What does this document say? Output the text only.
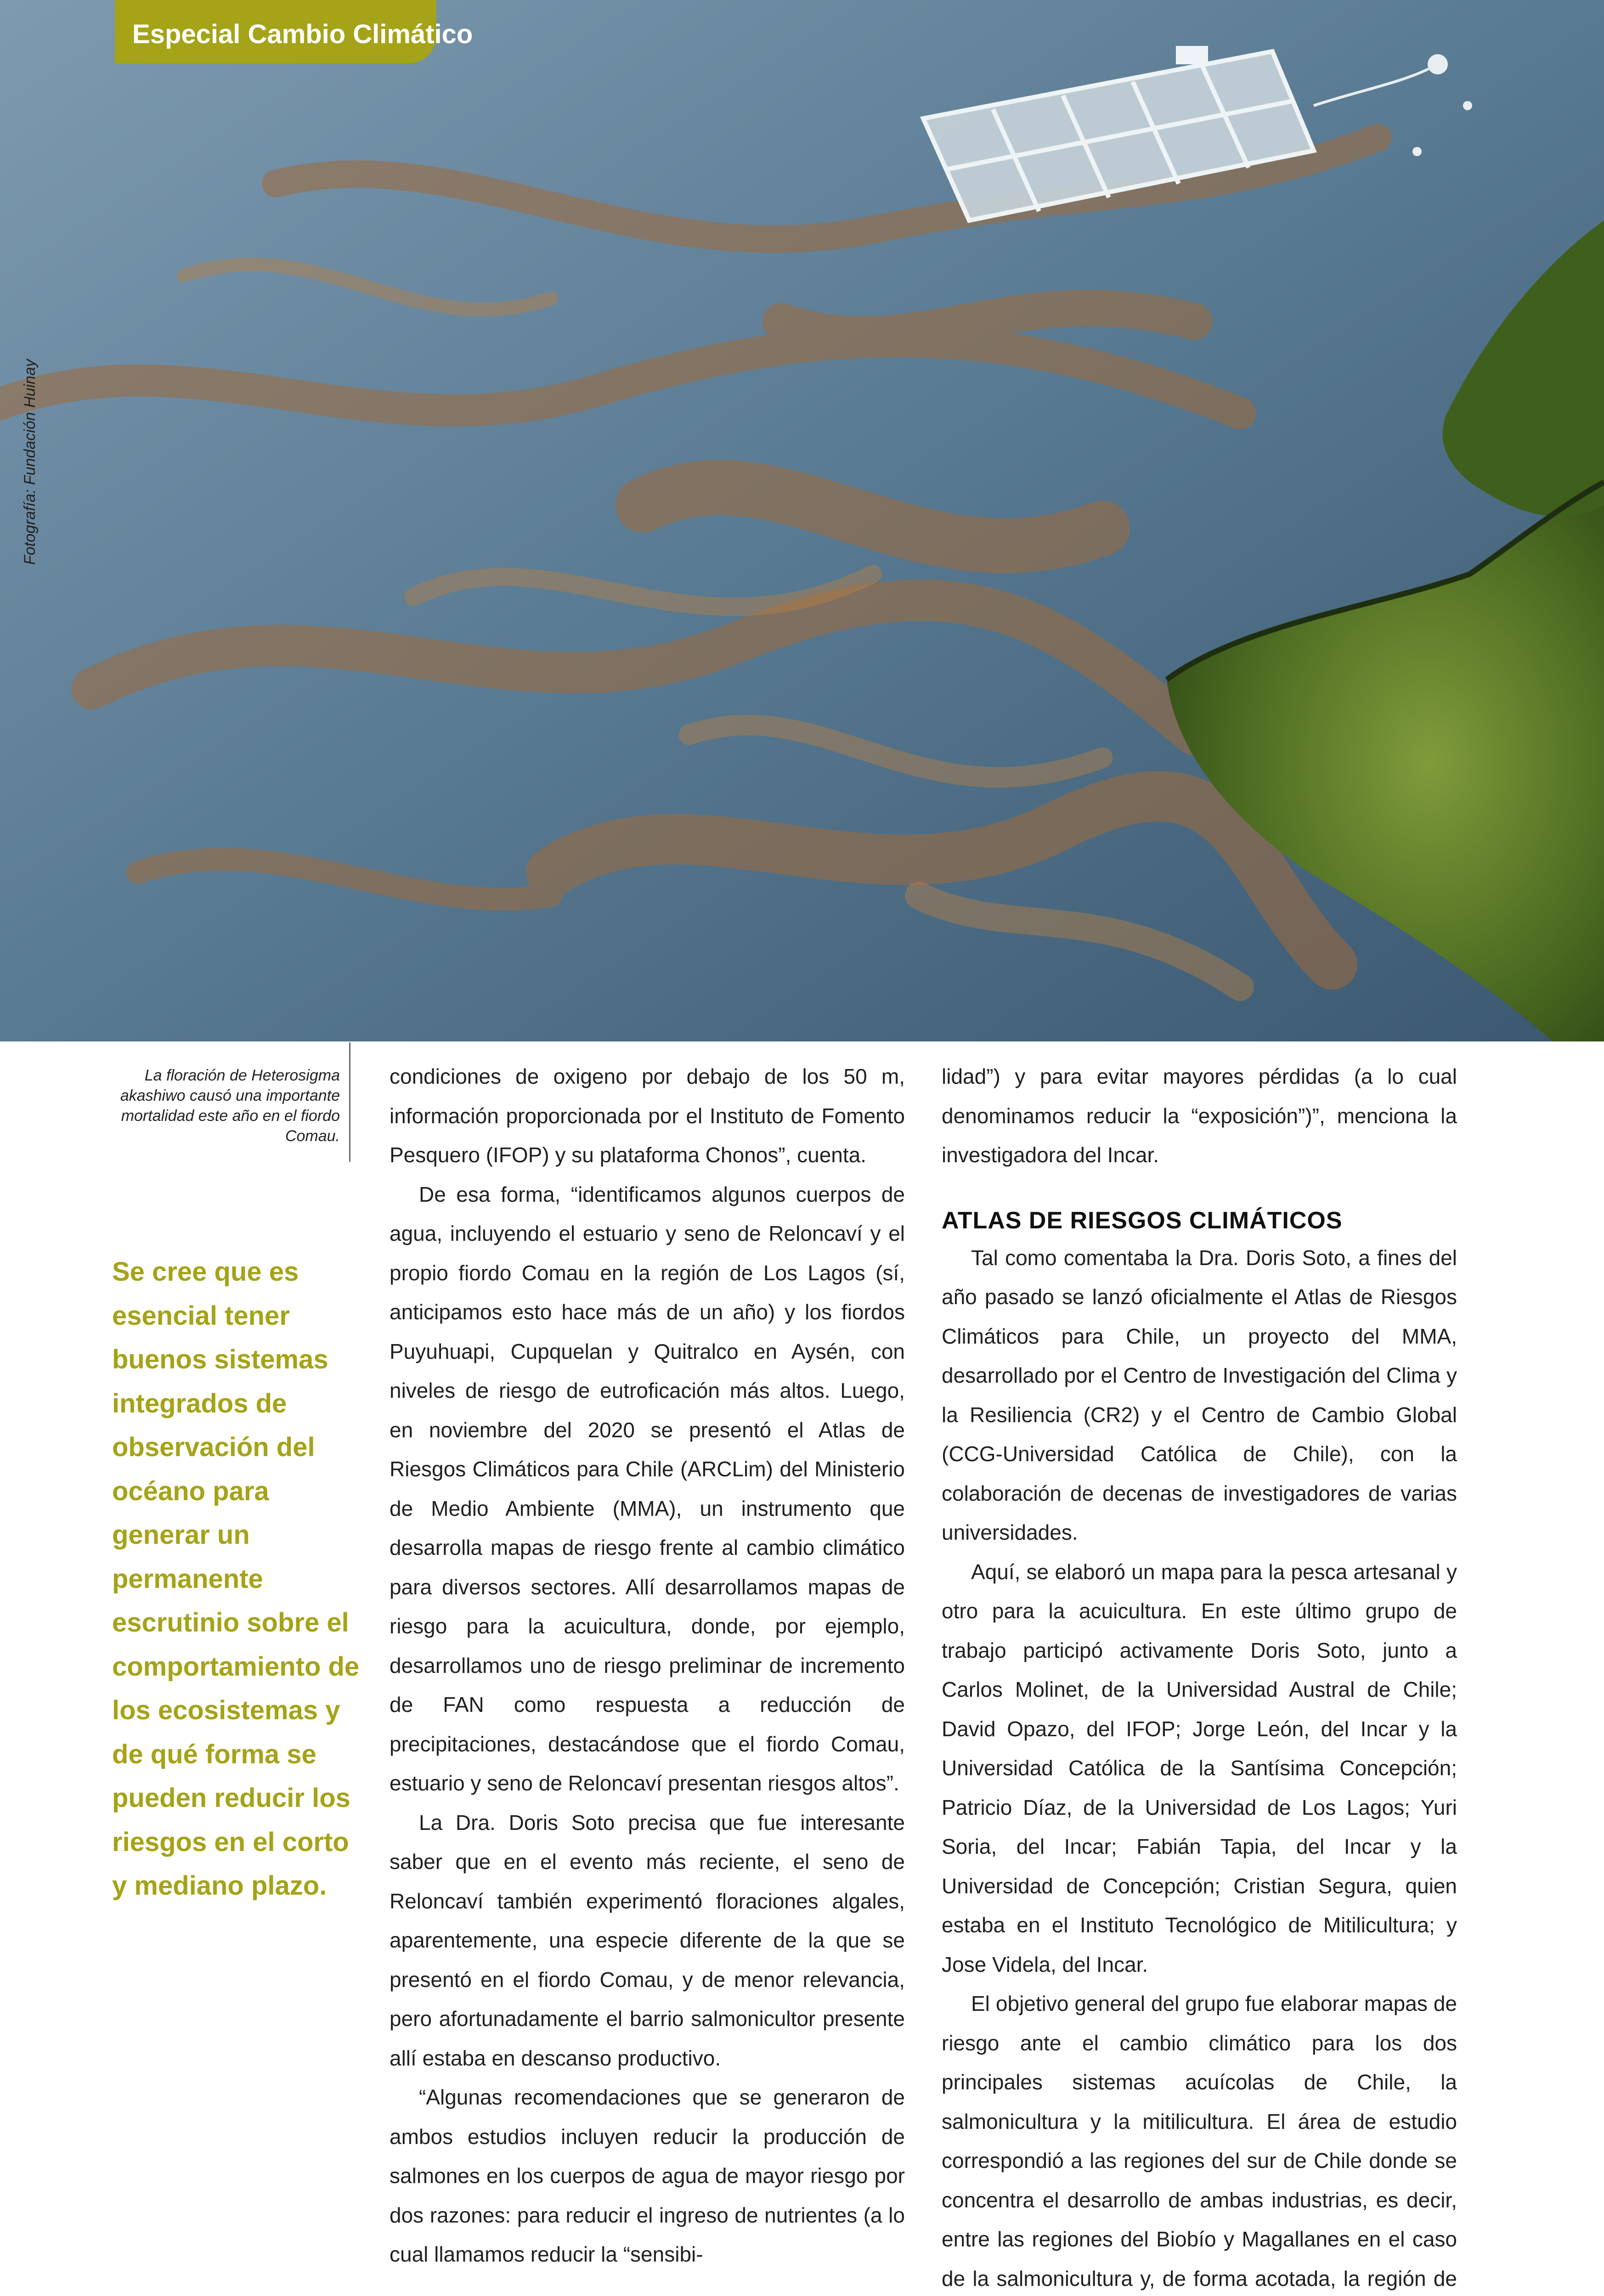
Especial Cambio Climático
Fotografía: Fundación Huinay
La floración de Heterosigma akashiwo causó una importante mortalidad este año en el fiordo Comau.
Se cree que es esencial tener buenos sistemas integrados de observación del océano para generar un permanente escrutinio sobre el comportamiento de los ecosistemas y de qué forma se pueden reducir los riesgos en el corto y mediano plazo.

condiciones de oxigeno por debajo de los 50 m, información proporcionada por el Instituto de Fomento Pesquero (IFOP) y su plataforma Chonos”, cuenta.

De esa forma, “identificamos algunos cuerpos de agua, incluyendo el estuario y seno de Reloncaví y el propio fiordo Comau en la región de Los Lagos (sí, anticipamos esto hace más de un año) y los fiordos Puyuhuapi, Cupquelan y Quitralco en Aysén, con niveles de riesgo de eutroficación más altos. Luego, en noviembre del 2020 se presentó el Atlas de Riesgos Climáticos para Chile (ARCLim) del Ministerio de Medio Ambiente (MMA), un instrumento que desarrolla mapas de riesgo frente al cambio climático para diversos sectores. Allí desarrollamos mapas de riesgo para la acuicultura, donde, por ejemplo, desarrollamos uno de riesgo preliminar de incremento de FAN como respuesta a reducción de precipitaciones, destacándose que el fiordo Comau, estuario y seno de Reloncaví presentan riesgos altos”.

La Dra. Doris Soto precisa que fue interesante saber que en el evento más reciente, el seno de Reloncaví también experimentó floraciones algales, aparentemente, una especie diferente de la que se presentó en el fiordo Comau, y de menor relevancia, pero afortunadamente el barrio salmonicultor presente allí estaba en descanso productivo.

“Algunas recomendaciones que se generaron de ambos estudios incluyen reducir la producción de salmones en los cuerpos de agua de mayor riesgo por dos razones: para reducir el ingreso de nutrientes (a lo cual llamamos reducir la “sensibi-

lidad”) y para evitar mayores pérdidas (a lo cual denominamos reducir la “exposición”)”, menciona la investigadora del Incar.

ATLAS DE RIESGOS CLIMÁTICOS

Tal como comentaba la Dra. Doris Soto, a fines del año pasado se lanzó oficialmente el Atlas de Riesgos Climáticos para Chile, un proyecto del MMA, desarrollado por el Centro de Investigación del Clima y la Resiliencia (CR2) y el Centro de Cambio Global (CCG-Universidad Católica de Chile), con la colaboración de decenas de investigadores de varias universidades.

Aquí, se elaboró un mapa para la pesca artesanal y otro para la acuicultura. En este último grupo de trabajo participó activamente Doris Soto, junto a Carlos Molinet, de la Universidad Austral de Chile; David Opazo, del IFOP; Jorge León, del Incar y la Universidad Católica de la Santísima Concepción; Patricio Díaz, de la Universidad de Los Lagos; Yuri Soria, del Incar; Fabián Tapia, del Incar y la Universidad de Concepción; Cristian Segura, quien estaba en el Instituto Tecnológico de Mitilicultura; y Jose Videla, del Incar.

El objetivo general del grupo fue elaborar mapas de riesgo ante el cambio climático para los dos principales sistemas acuícolas de Chile, la salmonicultura y la mitilicultura. El área de estudio correspondió a las regiones del sur de Chile donde se concentra el desarrollo de ambas industrias, es decir, entre las regiones del Biobío y Magallanes en el caso de la salmonicultura y, de forma acotada, la región de
